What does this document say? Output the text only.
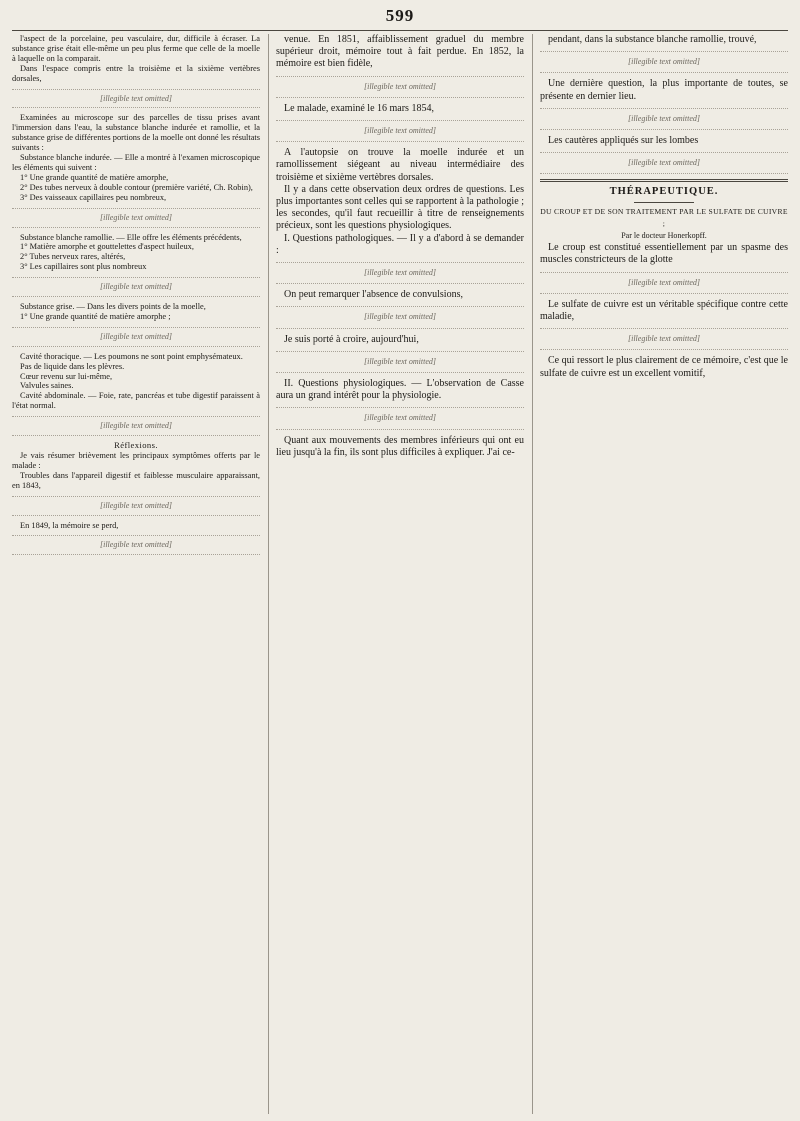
599

l'aspect de la porcelaine, peu vasculaire, dur, difficile à écraser. La substance grise était elle-même un peu plus ferme que celle de la moelle à laquelle on la comparait.

Dans l'espace compris entre la troisième et la sixième vertèbres dorsales,

[illegible text omitted]

Examinées au microscope sur des parcelles de tissu prises avant l'immersion dans l'eau, la substance blanche indurée et ramollie, et la substance grise de différentes portions de la moelle ont donné les résultats suivants :

Substance blanche indurée. — Elle a montré à l'examen microscopique les éléments qui suivent :

1° Une grande quantité de matière amorphe,

2° Des tubes nerveux à double contour (première variété, Ch. Robin),

3° Des vaisseaux capillaires peu nombreux,

[illegible text omitted]

Substance blanche ramollie. — Elle offre les éléments précédents,

1° Matière amorphe et gouttelettes d'aspect huileux,

2° Tubes nerveux rares, altérés,

3° Les capillaires sont plus nombreux

[illegible text omitted]

Substance grise. — Dans les divers points de la moelle,

1° Une grande quantité de matière amorphe ;

[illegible text omitted]

Cavité thoracique. — Les poumons ne sont point emphysémateux.

Pas de liquide dans les plèvres.

Cœur revenu sur lui-même,

Valvules saines.

Cavité abdominale. — Foie, rate, pancréas et tube digestif paraissent à l'état normal.

[illegible text omitted]

Réflexions.

Je vais résumer brièvement les principaux symptômes offerts par le malade :

Troubles dans l'appareil digestif et faiblesse musculaire apparaissant, en 1843,

[illegible text omitted]

En 1849, la mémoire se perd,

[illegible text omitted]

venue. En 1851, affaiblissement graduel du membre supérieur droit, mémoire tout à fait perdue. En 1852, la mémoire est bien fidèle,

[illegible text omitted]

Le malade, examiné le 16 mars 1854,

[illegible text omitted]

A l'autopsie on trouve la moelle indurée et un ramollissement siégeant au niveau intermédiaire des troisième et sixième vertèbres dorsales.

Il y a dans cette observation deux ordres de questions. Les plus importantes sont celles qui se rapportent à la pathologie ; les secondes, qu'il faut recueillir à titre de renseignements précieux, sont les questions physiologiques.

I. Questions pathologiques. — Il y a d'abord à se demander :

[illegible text omitted]

On peut remarquer l'absence de convulsions,

[illegible text omitted]

Je suis porté à croire, aujourd'hui,

[illegible text omitted]

II. Questions physiologiques. — L'observation de Casse aura un grand intérêt pour la physiologie.

[illegible text omitted]

Quant aux mouvements des membres inférieurs qui ont eu lieu jusqu'à la fin, ils sont plus difficiles à expliquer. J'ai ce-

pendant, dans la substance blanche ramollie, trouvé,

[illegible text omitted]

Une dernière question, la plus importante de toutes, se présente en dernier lieu.

[illegible text omitted]

Les cautères appliqués sur les lombes

[illegible text omitted]

THÉRAPEUTIQUE.

DU CROUP ET DE SON TRAITEMENT PAR LE SULFATE DE CUIVRE ;

Par le docteur Honerkopff.

Le croup est constitué essentiellement par un spasme des muscles constricteurs de la glotte

[illegible text omitted]

Le sulfate de cuivre est un véritable spécifique contre cette maladie,

[illegible text omitted]

Ce qui ressort le plus clairement de ce mémoire, c'est que le sulfate de cuivre est un excellent vomitif,
